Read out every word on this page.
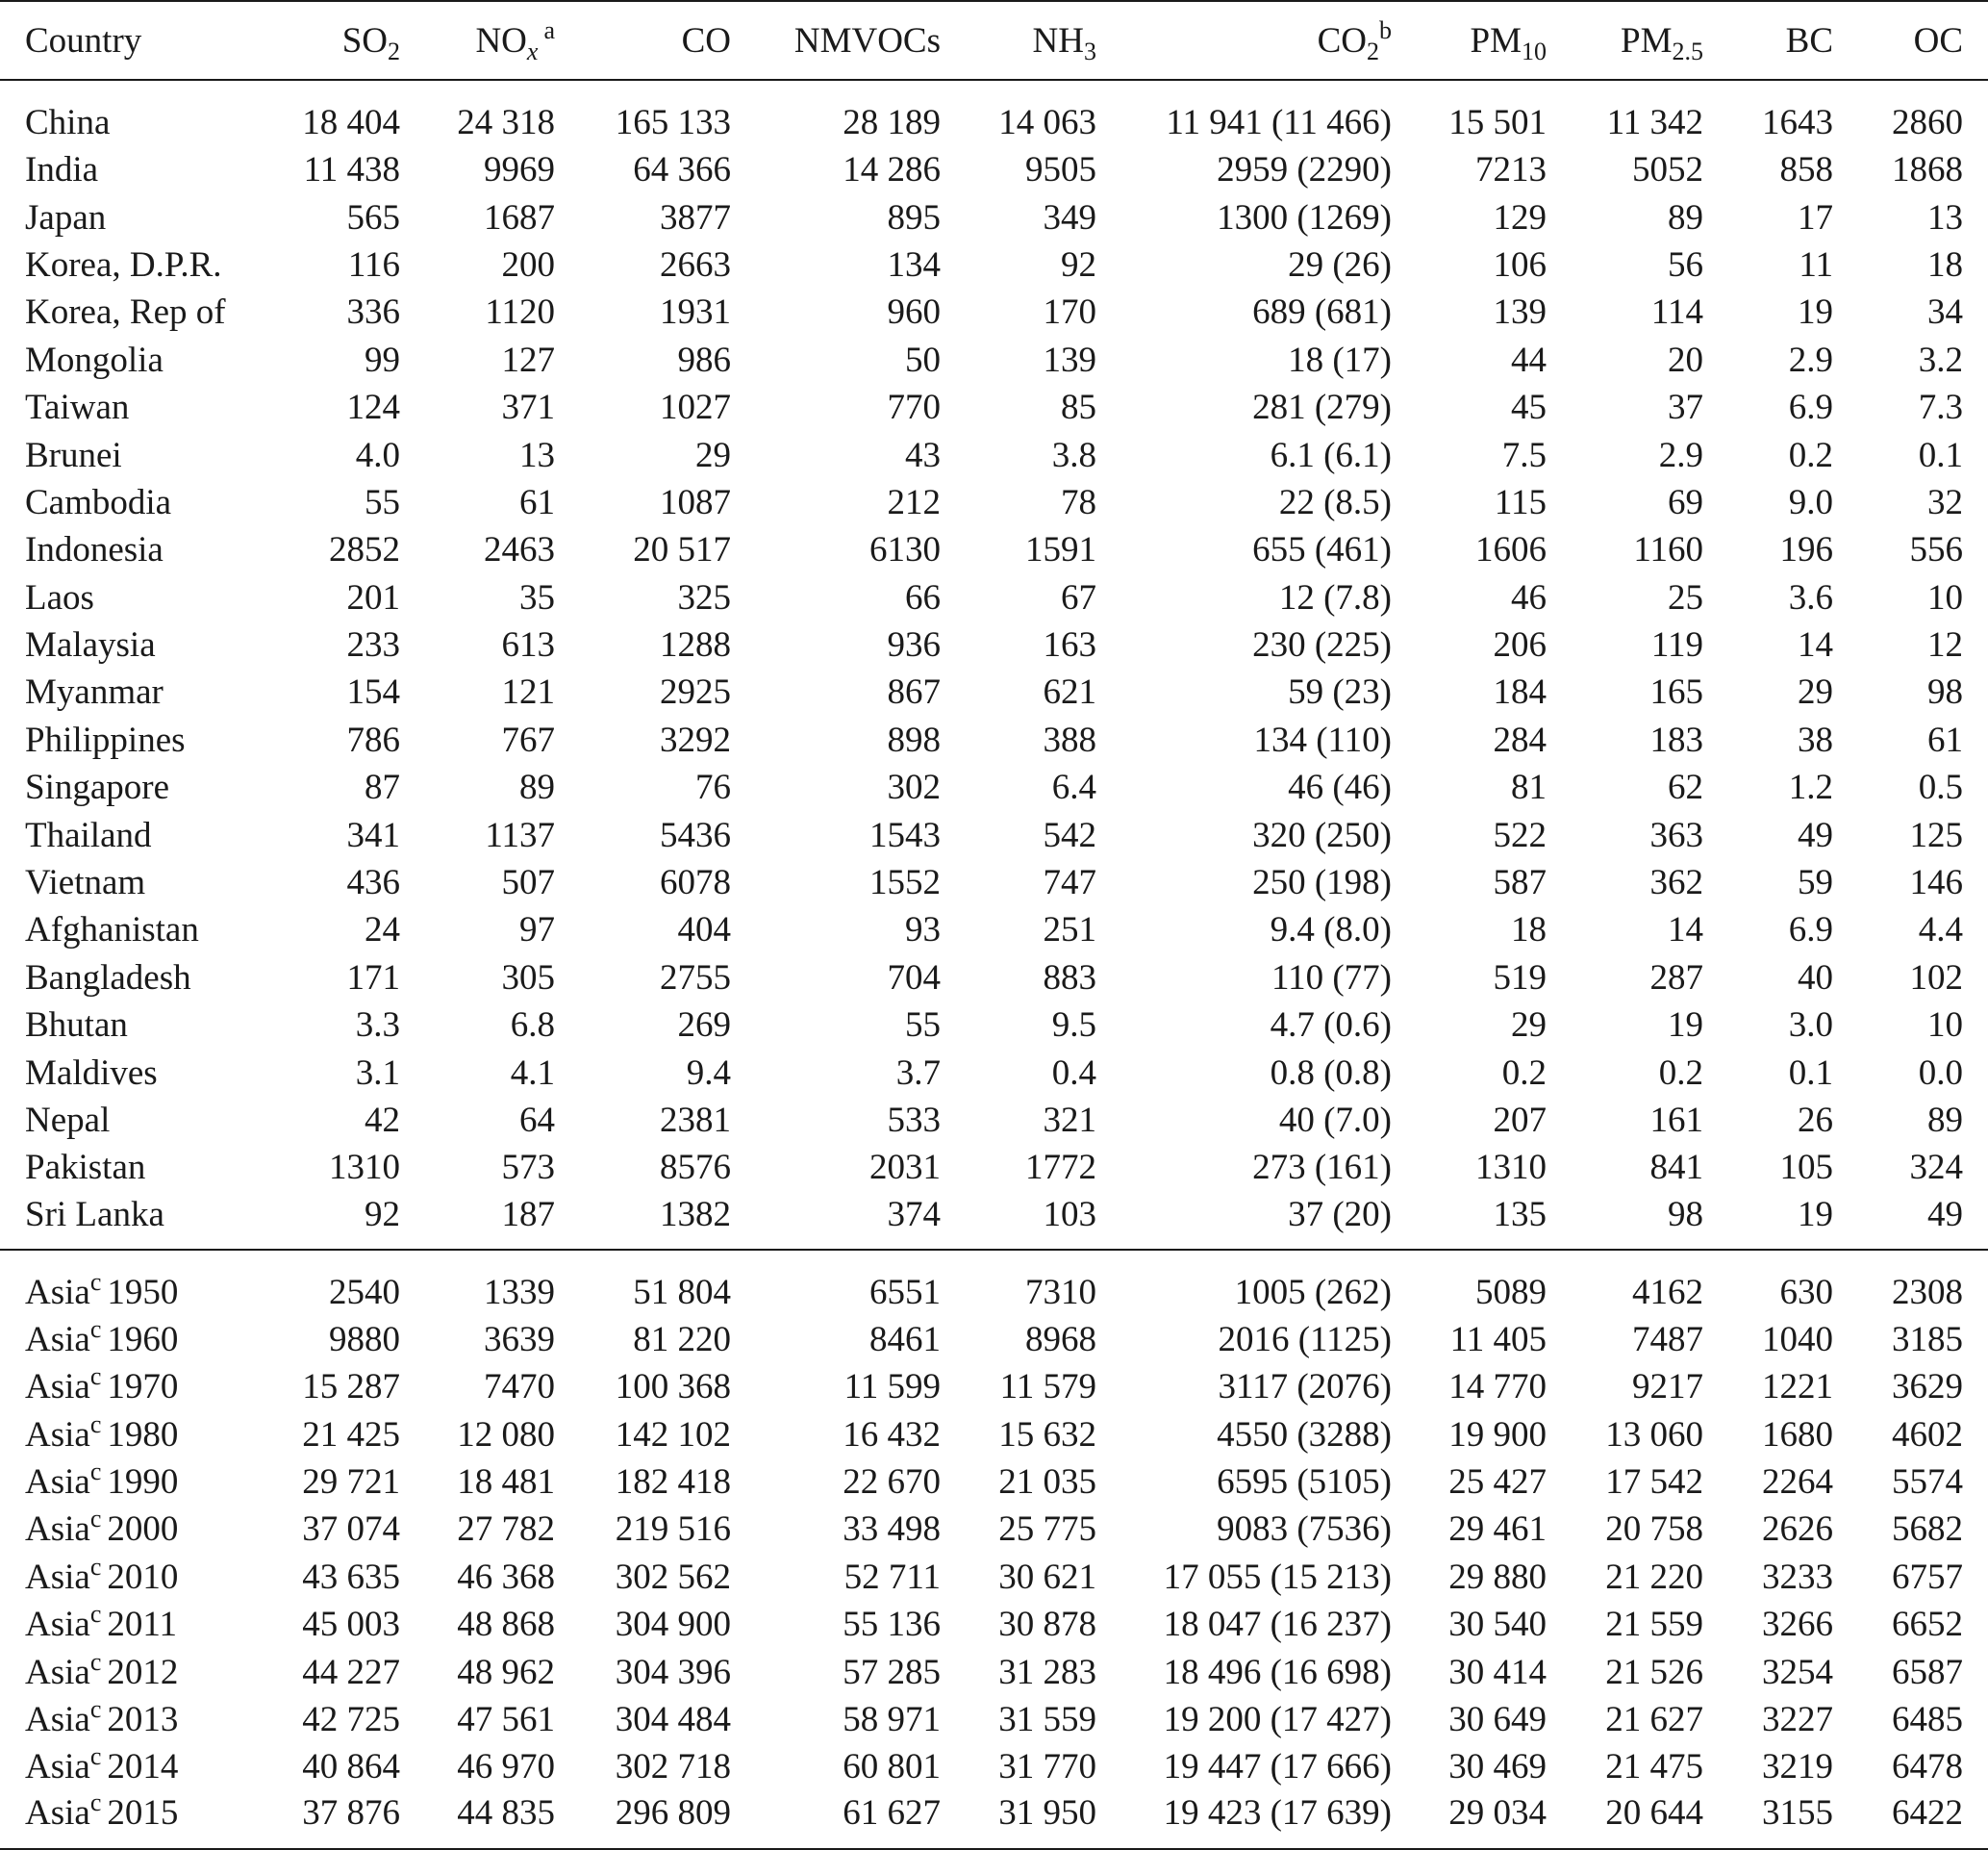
Country	$SO_2$	$NO_x^a$	CO	NMVOCs	$NH_3$	$CO_2^b$	$PM_{10}$	$PM_{2.5}$	BC	OC
China	18 404	24 318	165 133	28 189	14 063	11 941 (11 466)	15 501	11 342	1643	2860
India	11 438	9969	64 366	14 286	9505	2959 (2290)	7213	5052	858	1868
Japan	565	1687	3877	895	349	1300 (1269)	129	89	17	13
Korea, D.P.R.	116	200	2663	134	92	29 (26)	106	56	11	18
Korea, Rep of	336	1120	1931	960	170	689 (681)	139	114	19	34
Mongolia	99	127	986	50	139	18 (17)	44	20	2.9	3.2
Taiwan	124	371	1027	770	85	281 (279)	45	37	6.9	7.3
Brunei	4.0	13	29	43	3.8	6.1 (6.1)	7.5	2.9	0.2	0.1
Cambodia	55	61	1087	212	78	22 (8.5)	115	69	9.0	32
Indonesia	2852	2463	20 517	6130	1591	655 (461)	1606	1160	196	556
Laos	201	35	325	66	67	12 (7.8)	46	25	3.6	10
Malaysia	233	613	1288	936	163	230 (225)	206	119	14	12
Myanmar	154	121	2925	867	621	59 (23)	184	165	29	98
Philippines	786	767	3292	898	388	134 (110)	284	183	38	61
Singapore	87	89	76	302	6.4	46 (46)	81	62	1.2	0.5
Thailand	341	1137	5436	1543	542	320 (250)	522	363	49	125
Vietnam	436	507	6078	1552	747	250 (198)	587	362	59	146
Afghanistan	24	97	404	93	251	9.4 (8.0)	18	14	6.9	4.4
Bangladesh	171	305	2755	704	883	110 (77)	519	287	40	102
Bhutan	3.3	6.8	269	55	9.5	4.7 (0.6)	29	19	3.0	10
Maldives	3.1	4.1	9.4	3.7	0.4	0.8 (0.8)	0.2	0.2	0.1	0.0
Nepal	42	64	2381	533	321	40 (7.0)	207	161	26	89
Pakistan	1310	573	8576	2031	1772	273 (161)	1310	841	105	324
Sri Lanka	92	187	1382	374	103	37 (20)	135	98	19	49
Asia$^c$ 1950	2540	1339	51 804	6551	7310	1005 (262)	5089	4162	630	2308
Asia$^c$ 1960	9880	3639	81 220	8461	8968	2016 (1125)	11 405	7487	1040	3185
Asia$^c$ 1970	15 287	7470	100 368	11 599	11 579	3117 (2076)	14 770	9217	1221	3629
Asia$^c$ 1980	21 425	12 080	142 102	16 432	15 632	4550 (3288)	19 900	13 060	1680	4602
Asia$^c$ 1990	29 721	18 481	182 418	22 670	21 035	6595 (5105)	25 427	17 542	2264	5574
Asia$^c$ 2000	37 074	27 782	219 516	33 498	25 775	9083 (7536)	29 461	20 758	2626	5682
Asia$^c$ 2010	43 635	46 368	302 562	52 711	30 621	17 055 (15 213)	29 880	21 220	3233	6757
Asia$^c$ 2011	45 003	48 868	304 900	55 136	30 878	18 047 (16 237)	30 540	21 559	3266	6652
Asia$^c$ 2012	44 227	48 962	304 396	57 285	31 283	18 496 (16 698)	30 414	21 526	3254	6587
Asia$^c$ 2013	42 725	47 561	304 484	58 971	31 559	19 200 (17 427)	30 649	21 627	3227	6485
Asia$^c$ 2014	40 864	46 970	302 718	60 801	31 770	19 447 (17 666)	30 469	21 475	3219	6478
Asia$^c$ 2015	37 876	44 835	296 809	61 627	31 950	19 423 (17 639)	29 034	20 644	3155	6422
